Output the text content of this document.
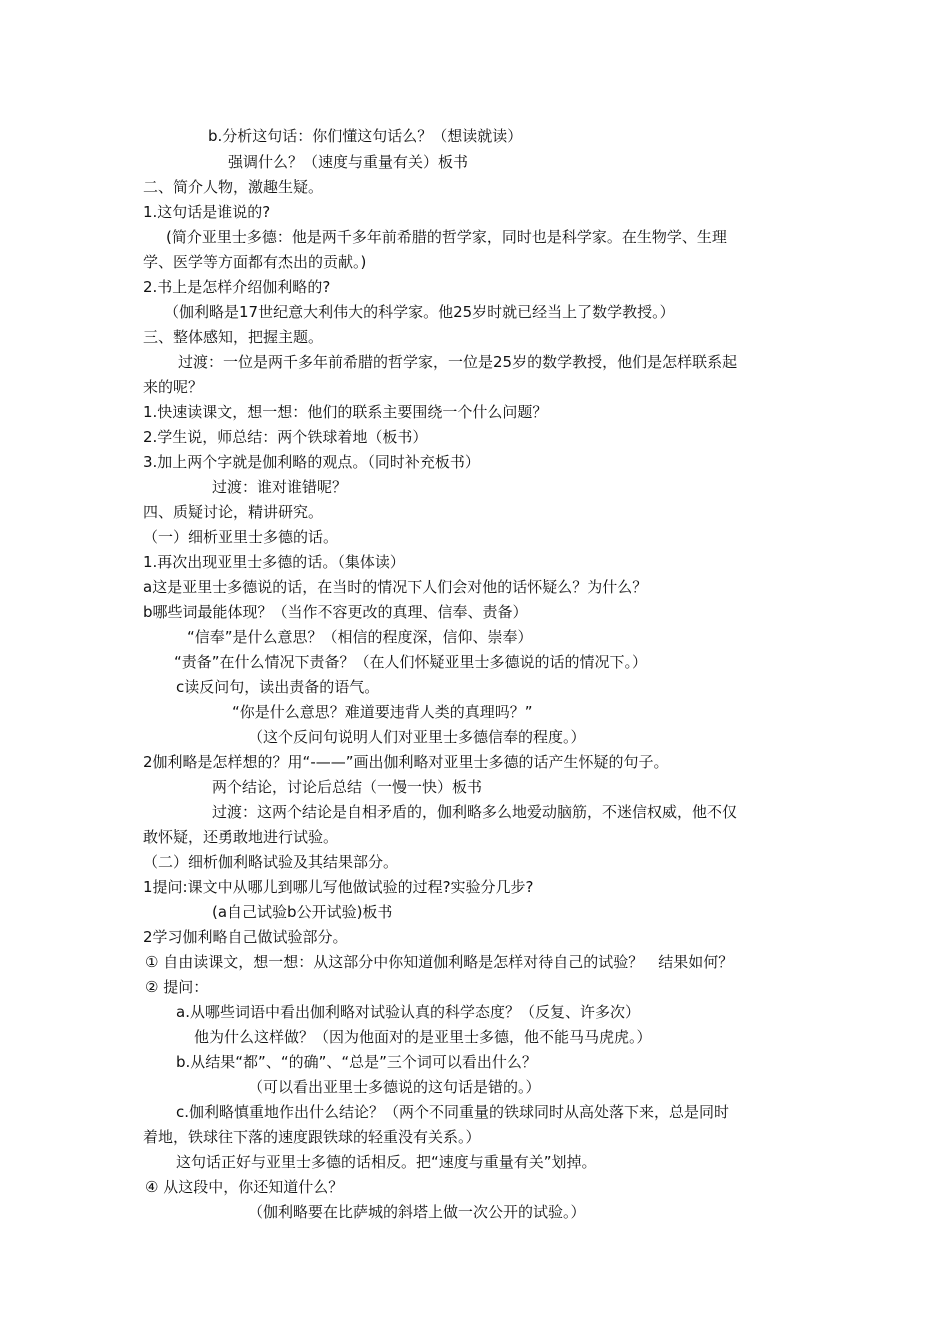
b.分析这句话：你们懂这句话么？（想读就读）
强调什么？（速度与重量有关）板书
二、简介人物，激趣生疑。
1.这句话是谁说的?
(简介亚里士多德：他是两千多年前希腊的哲学家，同时也是科学家。在生物学、生理
学、医学等方面都有杰出的贡献。)
2.书上是怎样介绍伽利略的?
（伽利略是17世纪意大利伟大的科学家。他25岁时就已经当上了数学教授。）
三、整体感知，把握主题。
过渡：一位是两千多年前希腊的哲学家，一位是25岁的数学教授，他们是怎样联系起
来的呢？
1.快速读课文，想一想：他们的联系主要围绕一个什么问题？
2.学生说，师总结：两个铁球着地（板书）
3.加上两个字就是伽利略的观点。（同时补充板书）
过渡：谁对谁错呢？
四、质疑讨论，精讲研究。
（一）细析亚里士多德的话。
1.再次出现亚里士多德的话。（集体读）
a这是亚里士多德说的话，在当时的情况下人们会对他的话怀疑么？为什么？
b哪些词最能体现？（当作不容更改的真理、信奉、责备）
“信奉”是什么意思？（相信的程度深，信仰、崇奉）
“责备”在什么情况下责备？（在人们怀疑亚里士多德说的话的情况下。）
c读反问句，读出责备的语气。
“你是什么意思？难道要违背人类的真理吗？”
（这个反问句说明人们对亚里士多德信奉的程度。）
2伽利略是怎样想的？用“-——”画出伽利略对亚里士多德的话产生怀疑的句子。
两个结论，讨论后总结（一慢一快）板书
过渡：这两个结论是自相矛盾的，伽利略多么地爱动脑筋，不迷信权威，他不仅
敢怀疑，还勇敢地进行试验。
（二）细析伽利略试验及其结果部分。
1提问:课文中从哪儿到哪儿写他做试验的过程?实验分几步?
(a自己试验b公开试验)板书
2学习伽利略自己做试验部分。
① 自由读课文，想一想：从这部分中你知道伽利略是怎样对待自己的试验？　结果如何？
② 提问：
a.从哪些词语中看出伽利略对试验认真的科学态度？（反复、许多次）
他为什么这样做？（因为他面对的是亚里士多德，他不能马马虎虎。）
b.从结果“都”、“的确”、“总是”三个词可以看出什么？
（可以看出亚里士多德说的这句话是错的。）
c.伽利略慎重地作出什么结论？（两个不同重量的铁球同时从高处落下来，总是同时
着地，铁球往下落的速度跟铁球的轻重没有关系。）
这句话正好与亚里士多德的话相反。把“速度与重量有关”划掉。
④ 从这段中，你还知道什么？
（伽利略要在比萨城的斜塔上做一次公开的试验。）
